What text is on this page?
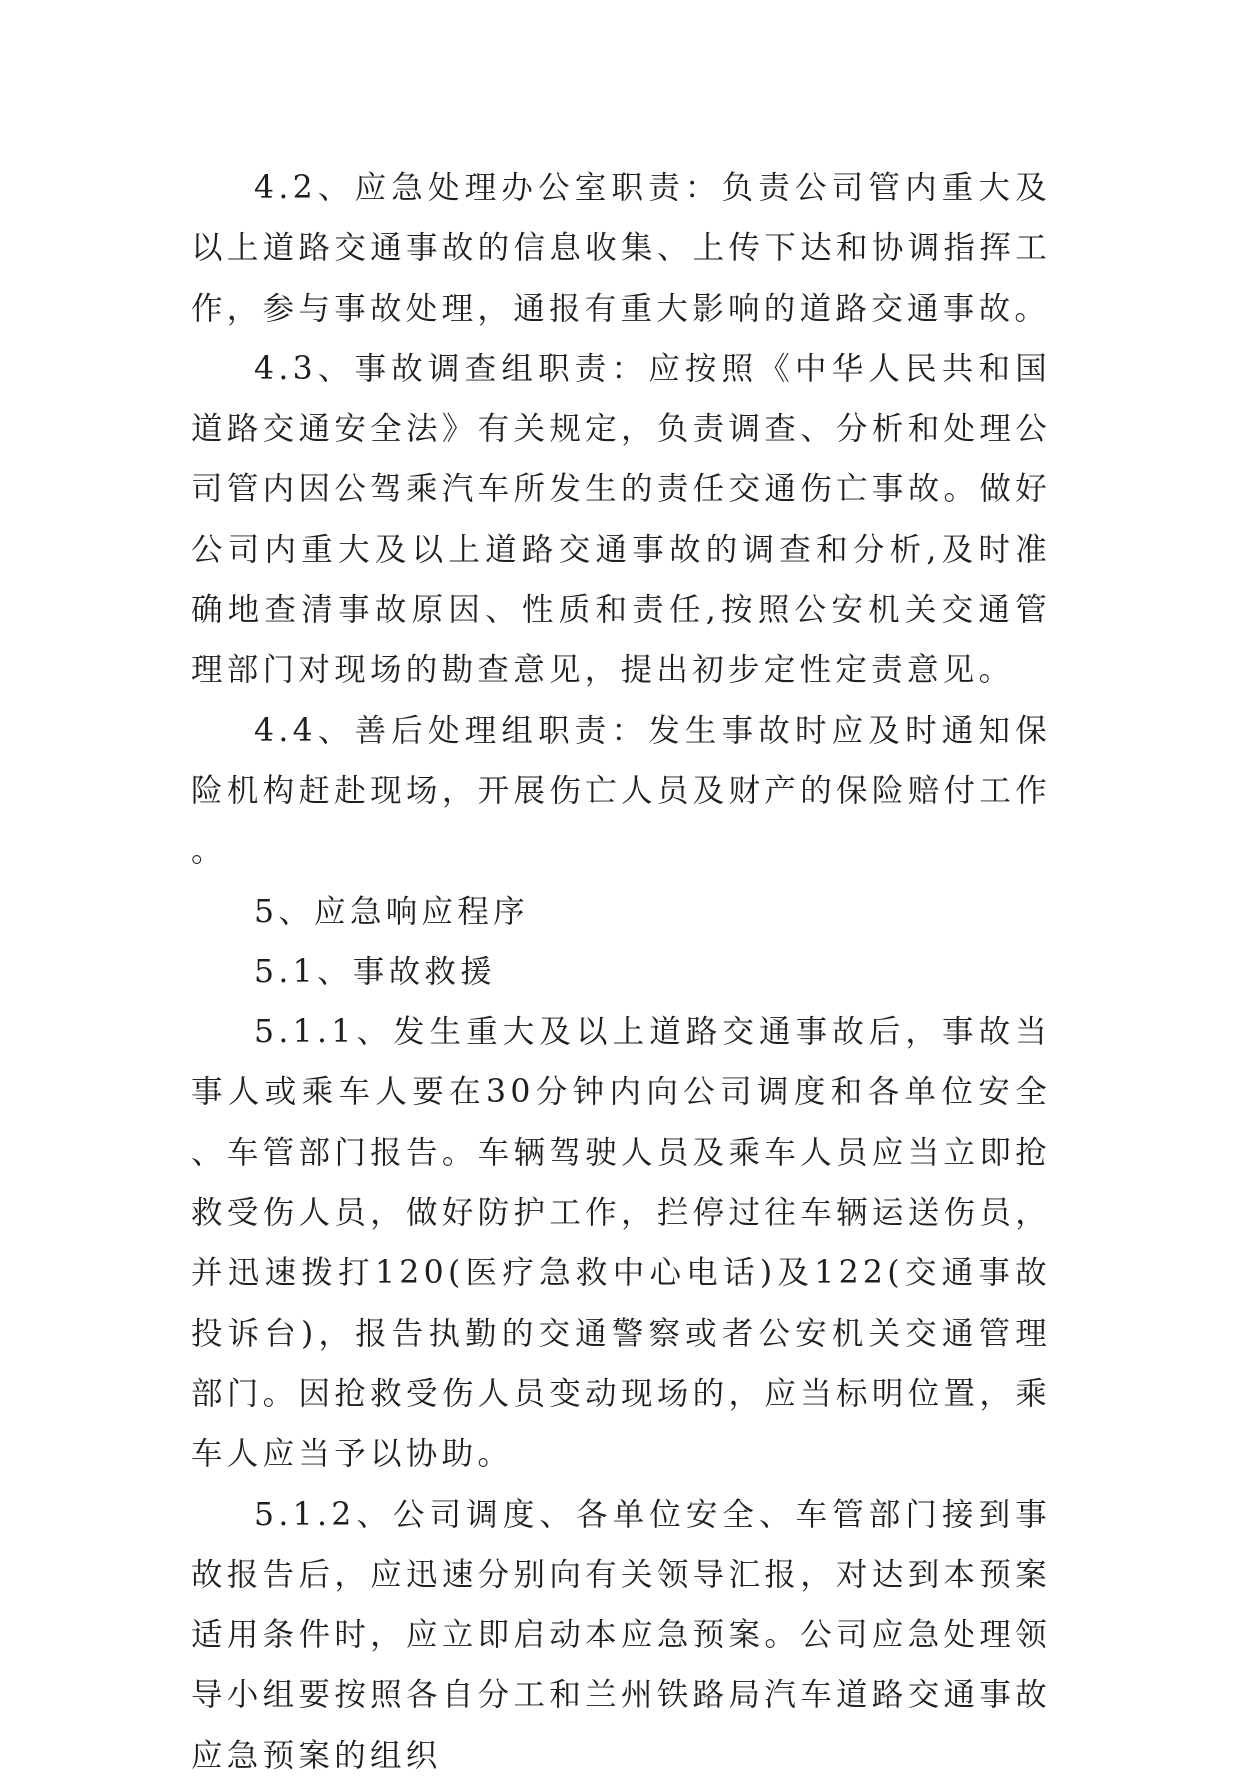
4.2、应急处理办公室职责：负责公司管内重大及以上道路交通事故的信息收集、上传下达和协调指挥工作，参与事故处理，通报有重大影响的道路交通事故。

4.3、事故调查组职责：应按照《中华人民共和国道路交通安全法》有关规定，负责调查、分析和处理公司管内因公驾乘汽车所发生的责任交通伤亡事故。做好公司内重大及以上道路交通事故的调查和分析,及时准确地查清事故原因、性质和责任,按照公安机关交通管理部门对现场的勘查意见，提出初步定性定责意见。

4.4、善后处理组职责：发生事故时应及时通知保险机构赶赴现场，开展伤亡人员及财产的保险赔付工作。

5、应急响应程序

5.1、事故救援

5.1.1、发生重大及以上道路交通事故后，事故当事人或乘车人要在30分钟内向公司调度和各单位安全、车管部门报告。车辆驾驶人员及乘车人员应当立即抢救受伤人员，做好防护工作，拦停过往车辆运送伤员，并迅速拨打120(医疗急救中心电话)及122(交通事故投诉台)，报告执勤的交通警察或者公安机关交通管理部门。因抢救受伤人员变动现场的，应当标明位置，乘车人应当予以协助。

5.1.2、公司调度、各单位安全、车管部门接到事故报告后，应迅速分别向有关领导汇报，对达到本预案适用条件时，应立即启动本应急预案。公司应急处理领导小组要按照各自分工和兰州铁路局汽车道路交通事故应急预案的组织
